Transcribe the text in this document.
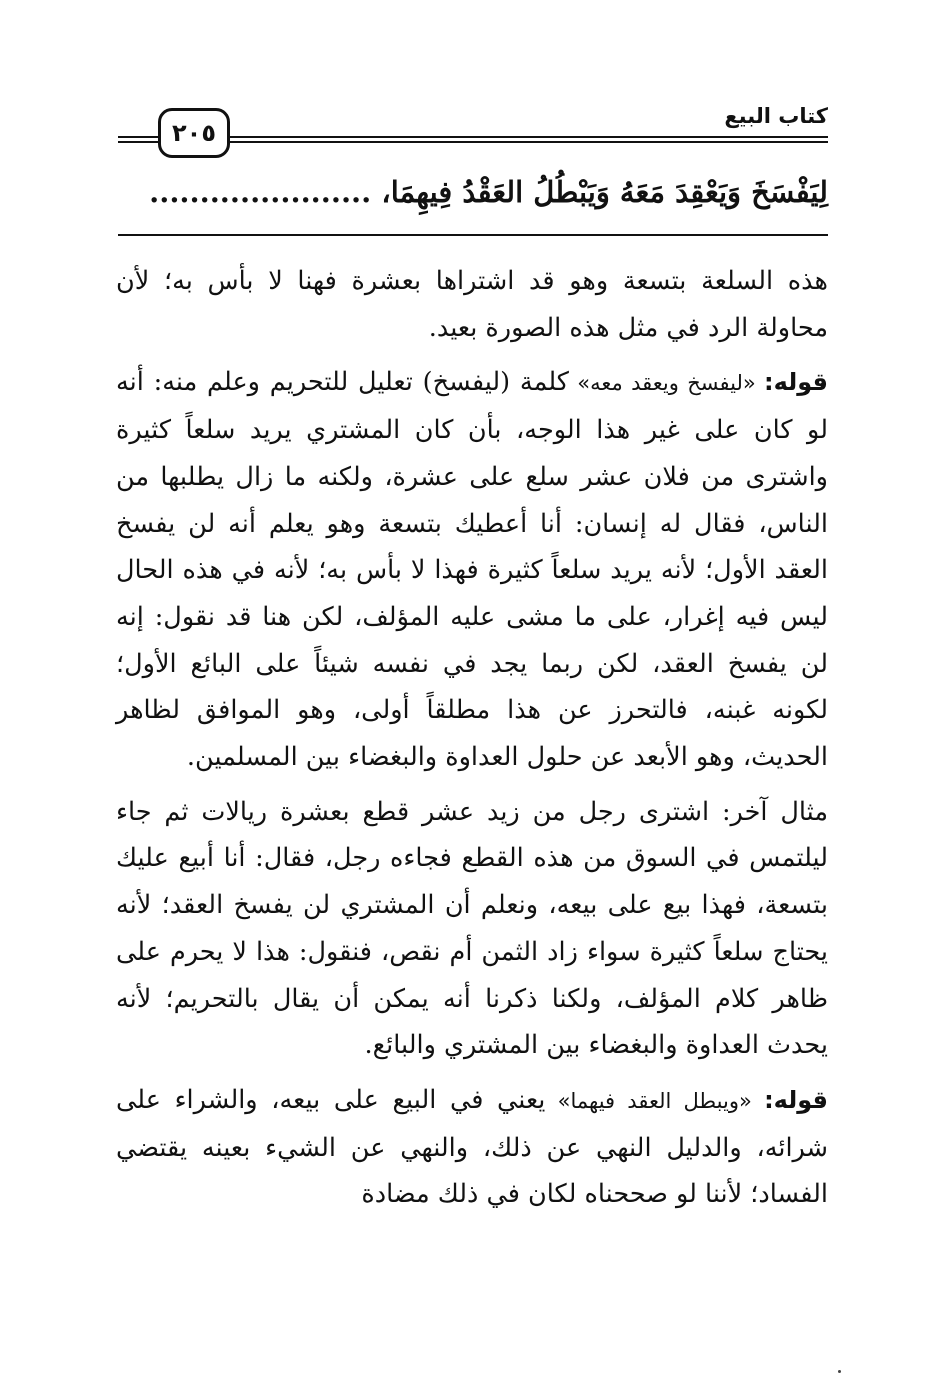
٢٠٥
كتاب البيع
لِيَفْسَخَ وَيَعْقِدَ مَعَهُ وَيَبْطُلُ العَقْدُ فِيهِمَا، ......................

هذه السلعة بتسعة وهو قد اشتراها بعشرة فهنا لا بأس به؛ لأن محاولة الرد في مثل هذه الصورة بعيد.

قوله: «ليفسخ ويعقد معه» كلمة (ليفسخ) تعليل للتحريم وعلم منه: أنه لو كان على غير هذا الوجه، بأن كان المشتري يريد سلعاً كثيرة واشترى من فلان عشر سلع على عشرة، ولكنه ما زال يطلبها من الناس، فقال له إنسان: أنا أعطيك بتسعة وهو يعلم أنه لن يفسخ العقد الأول؛ لأنه يريد سلعاً كثيرة فهذا لا بأس به؛ لأنه في هذه الحال ليس فيه إغرار، على ما مشى عليه المؤلف، لكن هنا قد نقول: إنه لن يفسخ العقد، لكن ربما يجد في نفسه شيئاً على البائع الأول؛ لكونه غبنه، فالتحرز عن هذا مطلقاً أولى، وهو الموافق لظاهر الحديث، وهو الأبعد عن حلول العداوة والبغضاء بين المسلمين.

مثال آخر: اشترى رجل من زيد عشر قطع بعشرة ريالات ثم جاء ليلتمس في السوق من هذه القطع فجاءه رجل، فقال: أنا أبيع عليك بتسعة، فهذا بيع على بيعه، ونعلم أن المشتري لن يفسخ العقد؛ لأنه يحتاج سلعاً كثيرة سواء زاد الثمن أم نقص، فنقول: هذا لا يحرم على ظاهر كلام المؤلف، ولكنا ذكرنا أنه يمكن أن يقال بالتحريم؛ لأنه يحدث العداوة والبغضاء بين المشتري والبائع.

قوله: «ويبطل العقد فيهما» يعني في البيع على بيعه، والشراء على شرائه، والدليل النهي عن ذلك، والنهي عن الشيء بعينه يقتضي الفساد؛ لأننا لو صححناه لكان في ذلك مضادة
